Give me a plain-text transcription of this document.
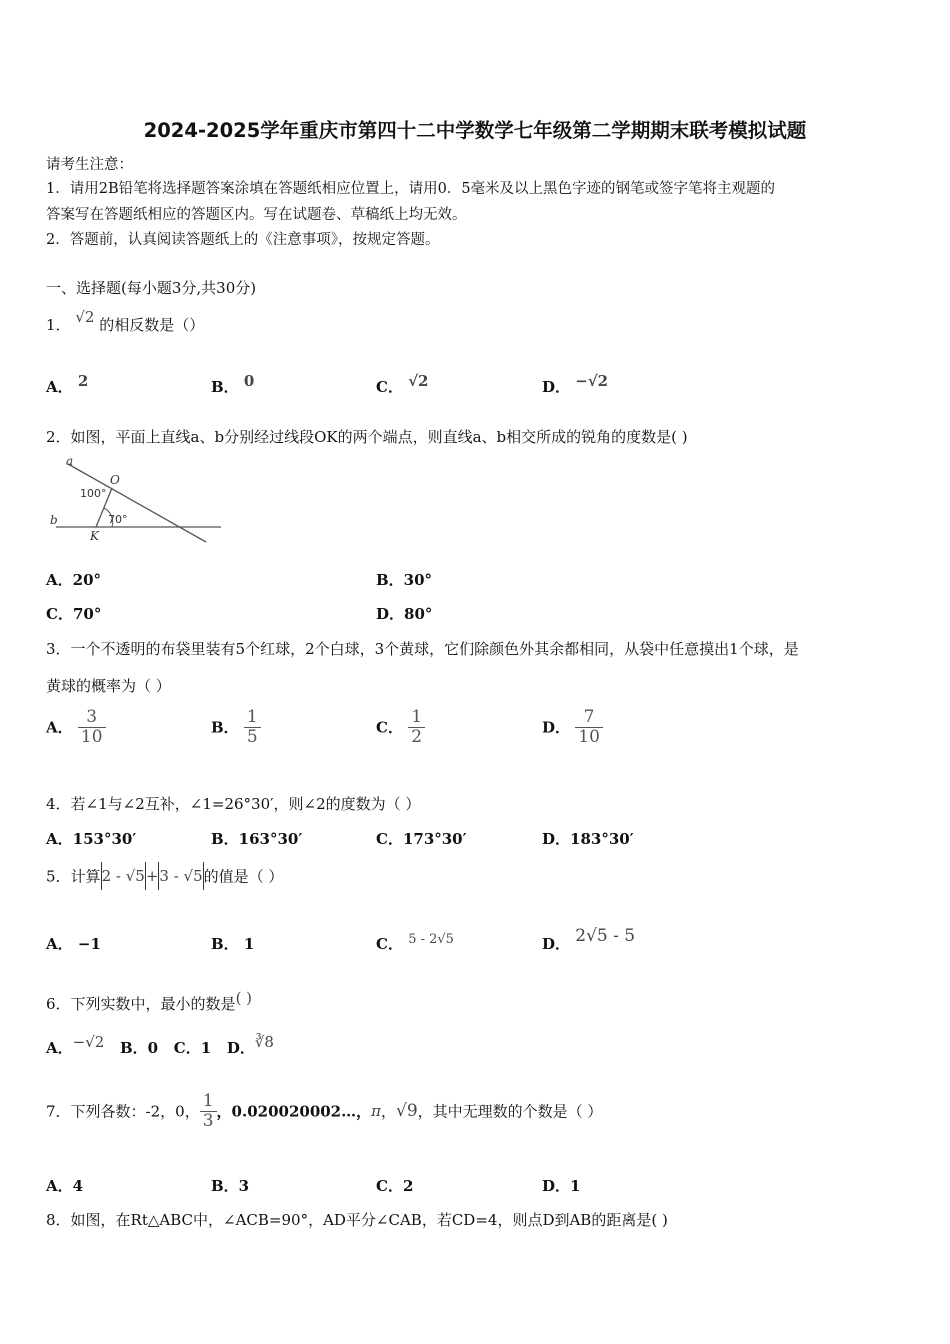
2024-2025学年重庆市第四十二中学数学七年级第二学期期末联考模拟试题
请考生注意：
1．请用2B铅笔将选择题答案涂填在答题纸相应位置上，请用0．5毫米及以上黑色字迹的钢笔或签字笔将主观题的
答案写在答题纸相应的答题区内。写在试题卷、草稿纸上均无效。
2．答题前，认真阅读答题纸上的《注意事项》，按规定答题。
一、选择题(每小题3分,共30分)
1． √2 的相反数是（）
A． 2	B． 0	C． √2	D． −√2
2．如图，平面上直线a、b分别经过线段OK的两个端点，则直线a、b相交所成的锐角的度数是( )
a
b
O
K
100°
70°
A．20°	B．30°
C．70°	D．80°
3．一个不透明的布袋里装有5个红球，2个白球，3个黄球，它们除颜色外其余都相同，从袋中任意摸出1个球，是
黄球的概率为（ ）
A． $\frac{3}{10}$	B． $\frac{1}{5}$	C． $\frac{1}{2}$	D． $\frac{7}{10}$
4．若∠1与∠2互补，∠1=26°30′，则∠2的度数为（ ）
A．153°30′	B．163°30′	C．173°30′	D．183°30′
5．计算2 - √5+3 - √5的值是（ ）
A． −1	B． 1	C． 5 - 2√5	D． 2√5 - 5
6．下列实数中，最小的数是( )
A．−√2 B．0 C．1 D．∛8
7．下列各数：-2，0， $\frac{1}{3}$ ，0.020020002…，π，√9，其中无理数的个数是（ ）
A．4	B．3	C．2	D．1
8．如图，在Rt△ABC中，∠ACB=90°，AD平分∠CAB，若CD=4，则点D到AB的距离是( )
